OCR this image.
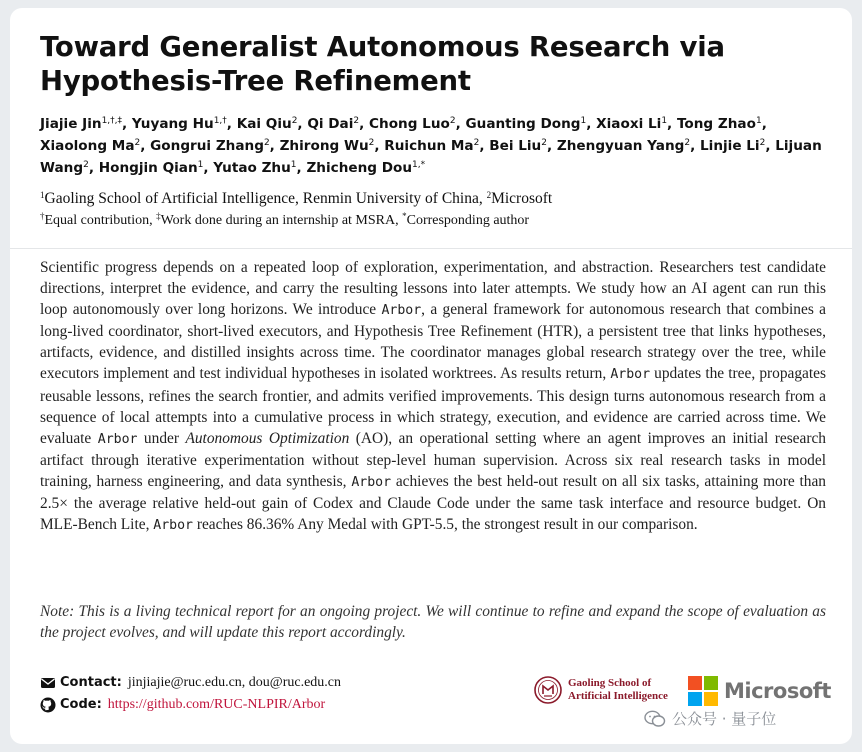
Toward Generalist Autonomous Research via Hypothesis-Tree Refinement

Jiajie Jin$^{1,\dagger,\ddagger}$, Yuyang $Hu^{1,\dagger}$, Kai Qiu$^2$, Qi Dai$^2$, Chong Luo$^2$, Guanting Dong$^1$, Xiaoxi Li$^1$, Tong Zhao$^1$, Xiaolong Ma$^2$, Gongrui Zhang$^2$, Zhirong Wu$^2$, Ruichun Ma$^2$, Bei Liu$^2$, Zhengyuan Yang$^2$, Linjie Li$^2$, Lijuan Wang$^2$, Hongjin Qian$^1$, Yutao Zhu$^1$, Zhicheng Dou$^{1,*}$

$^1$Gaoling School of Artificial Intelligence, Renmin University of China, $^2$Microsoft
†Equal contribution, ‡Work done during an internship at MSRA, *Corresponding author

Scientific progress depends on a repeated loop of exploration, experimentation, and abstraction. Researchers test candidate directions, interpret the evidence, and carry the resulting lessons into later attempts. We study how an AI agent can run this loop autonomously over long horizons. We introduce Arbor, a general framework for autonomous research that combines a long-lived coordinator, short-lived executors, and Hypothesis Tree Refinement (HTR), a persistent tree that links hypotheses, artifacts, evidence, and distilled insights across time. The coordinator manages global research strategy over the tree, while executors implement and test individual hypotheses in isolated worktrees. As results return, Arbor updates the tree, propagates reusable lessons, refines the search frontier, and admits verified improvements. This design turns autonomous research from a sequence of local attempts into a cumulative process in which strategy, execution, and evidence are carried across time. We evaluate Arbor under Autonomous Optimization (AO), an operational setting where an agent improves an initial research artifact through iterative experimentation without step-level human supervision. Across six real research tasks in model training, harness engineering, and data synthesis, Arbor achieves the best held-out result on all six tasks, attaining more than 2.5× the average relative held-out gain of Codex and Claude Code under the same task interface and resource budget. On MLE-Bench Lite, Arbor reaches 86.36% Any Medal with GPT-5.5, the strongest result in our comparison.

Note: This is a living technical report for an ongoing project. We will continue to refine and expand the scope of evaluation as the project evolves, and will update this report accordingly.

Contact: jinjiajie@ruc.edu.cn, dou@ruc.edu.cn
Code: https://github.com/RUC-NLPIR/Arbor
Gaoling School of
Artificial Intelligence	Microsoft
公众号 · 量子位
